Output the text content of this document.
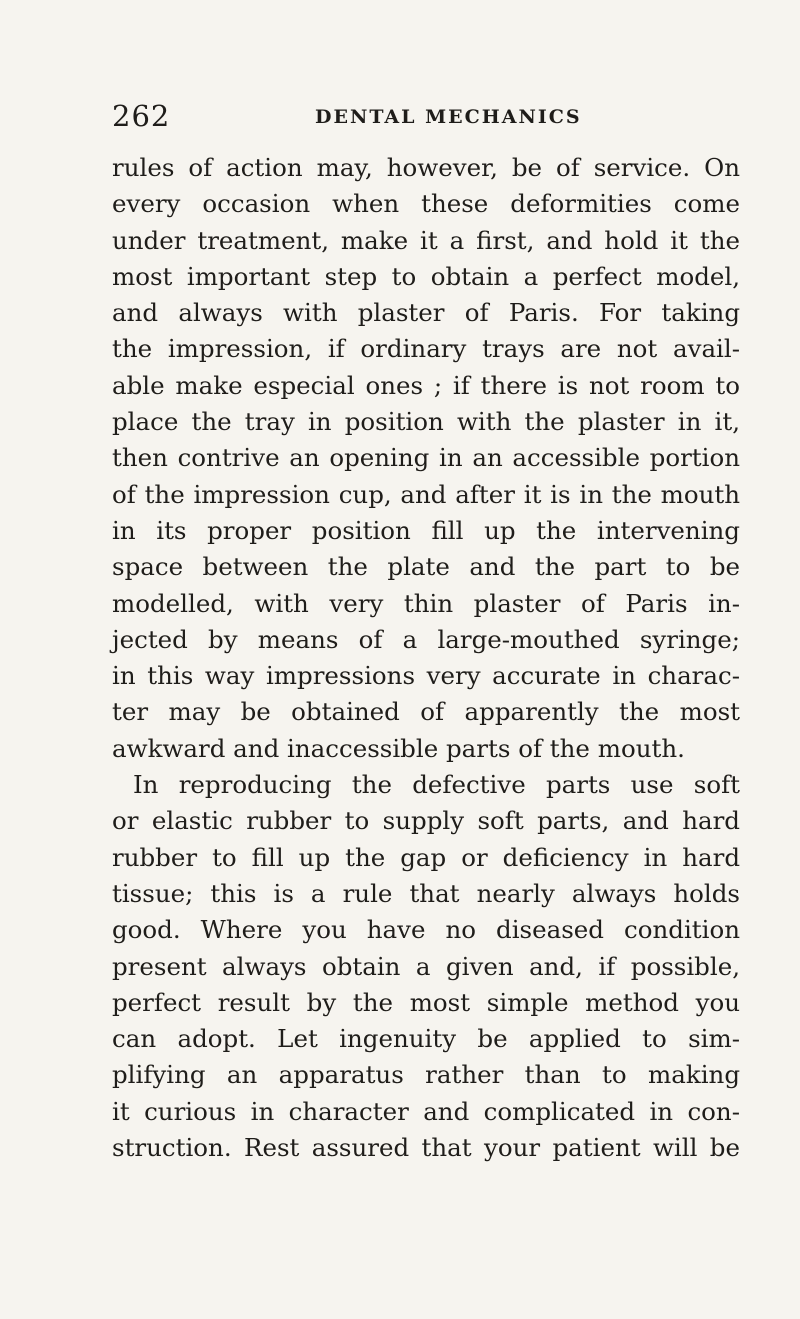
262	DENTAL MECHANICS
rules of action may, however, be of service. On
every occasion when these deformities come
under treatment, make it a first, and hold it the
most important step to obtain a perfect model,
and always with plaster of Paris. For taking
the impression, if ordinary trays are not avail-
able make especial ones ; if there is not room to
place the tray in position with the plaster in it,
then contrive an opening in an accessible portion
of the impression cup, and after it is in the mouth
in its proper position fill up the intervening
space between the plate and the part to be
modelled, with very thin plaster of Paris in-
jected by means of a large-mouthed syringe;
in this way impressions very accurate in charac-
ter may be obtained of apparently the most
awkward and inaccessible parts of the mouth.
In reproducing the defective parts use soft
or elastic rubber to supply soft parts, and hard
rubber to fill up the gap or deficiency in hard
tissue; this is a rule that nearly always holds
good. Where you have no diseased condition
present always obtain a given and, if possible,
perfect result by the most simple method you
can adopt. Let ingenuity be applied to sim-
plifying an apparatus rather than to making
it curious in character and complicated in con-
struction. Rest assured that your patient will be
